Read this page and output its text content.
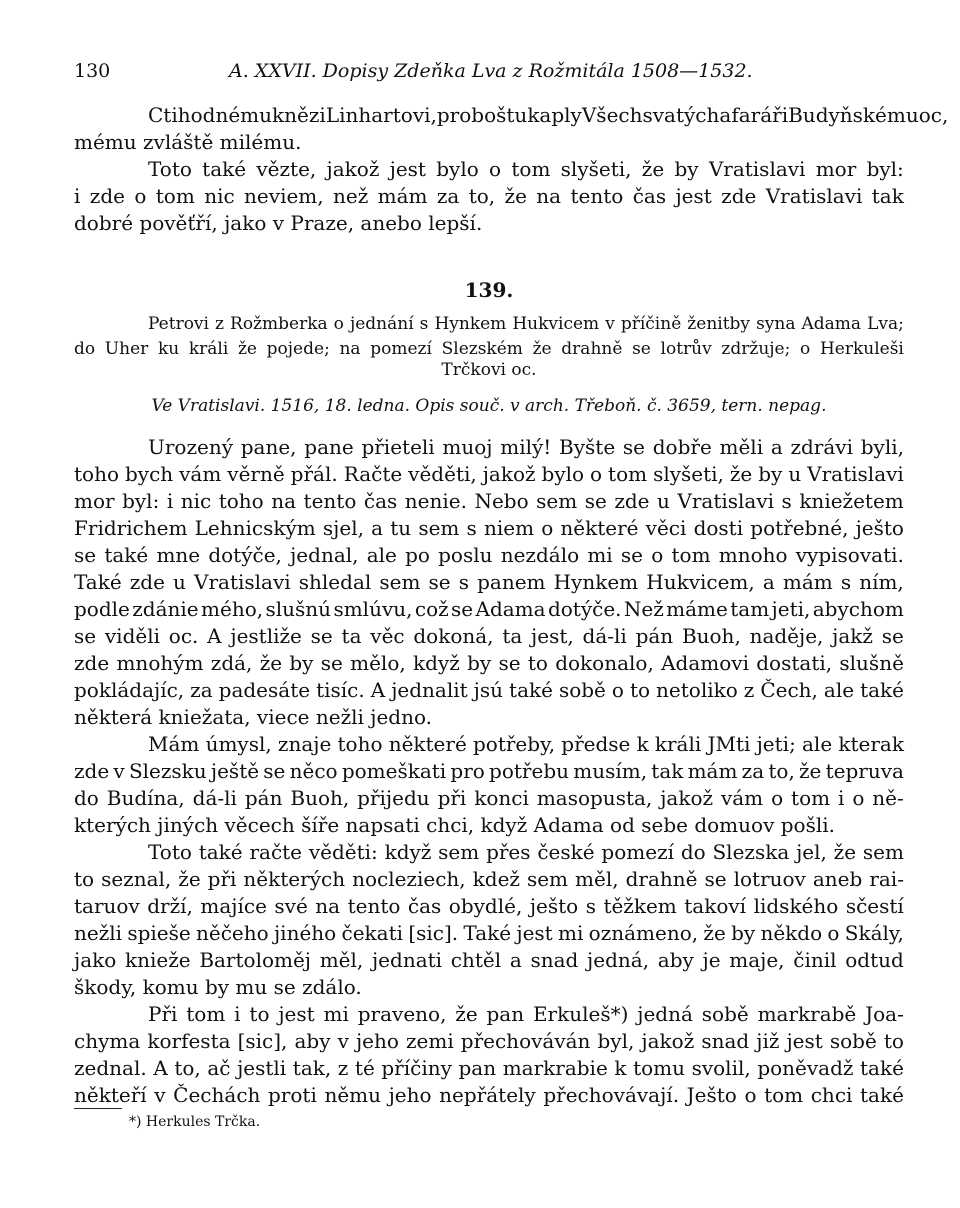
130	A. XXVII. Dopisy Zdeňka Lva z Rožmitála 1508—1532.
Ctihodnému knězi Linhartovi, proboštu kaply Všech svatých a faráři Budyňskému oc,
mému zvláště milému.
Toto také vězte, jakož jest bylo o tom slyšeti, že by Vratislavi mor byl:
i zde o tom nic neviem, než mám za to, že na tento čas jest zde Vratislavi tak
dobré pověťří, jako v Praze, anebo lepší.
139.
Petrovi z Rožmberka o jednání s Hynkem Hukvicem v příčině ženitby syna Adama Lva;
do Uher ku králi že pojede; na pomezí Slezském že drahně se lotrův zdržuje; o Herkuleši
Trčkovi oc.
Ve Vratislavi. 1516, 18. ledna. Opis souč. v arch. Třeboň. č. 3659, tern. nepag.
Urozený pane, pane přieteli muoj milý! Byšte se dobře měli a zdrávi byli,
toho bych vám věrně přál. Račte věděti, jakož bylo o tom slyšeti, že by u Vratislavi
mor byl: i nic toho na tento čas nenie. Nebo sem se zde u Vratislavi s kniežetem
Fridrichem Lehnicským sjel, a tu sem s niem o některé věci dosti potřebné, ješto
se také mne dotýče, jednal, ale po poslu nezdálo mi se o tom mnoho vypisovati.
Také zde u Vratislavi shledal sem se s panem Hynkem Hukvicem, a mám s ním,
podle zdánie mého, slušnú smlúvu, což se Adama dotýče. Než máme tam jeti, abychom
se viděli oc. A jestliže se ta věc dokoná, ta jest, dá-li pán Buoh, naděje, jakž se
zde mnohým zdá, že by se mělo, když by se to dokonalo, Adamovi dostati, slušně
pokládajíc, za padesáte tisíc. A jednalit jsú také sobě o to netoliko z Čech, ale také
některá kniežata, viece nežli jedno.
Mám úmysl, znaje toho některé potřeby, předse k králi JMti jeti; ale kterak
zde v Slezsku ještě se něco pomeškati pro potřebu musím, tak mám za to, že tepruva
do Budína, dá-li pán Buoh, přijedu při konci masopusta, jakož vám o tom i o ně-
kterých jiných věcech šíře napsati chci, když Adama od sebe domuov pošli.
Toto také račte věděti: když sem přes české pomezí do Slezska jel, že sem
to seznal, že při některých nocleziech, kdež sem měl, drahně se lotruov aneb rai-
taruov drží, majíce své na tento čas obydlé, ješto s těžkem takoví lidského sčestí
nežli spieše něčeho jiného čekati [sic]. Také jest mi oznámeno, že by někdo o Skály,
jako knieže Bartoloměj měl, jednati chtěl a snad jedná, aby je maje, činil odtud
škody, komu by mu se zdálo.
Při tom i to jest mi praveno, že pan Erkuleš*) jedná sobě markrabě Joa-
chyma korfesta [sic], aby v jeho zemi přechováván byl, jakož snad již jest sobě to
zednal. A to, ač jestli tak, z té příčiny pan markrabie k tomu svolil, poněvadž také
někteří v Čechách proti němu jeho nepřátely přechovávají. Ješto o tom chci také
*) Herkules Trčka.
